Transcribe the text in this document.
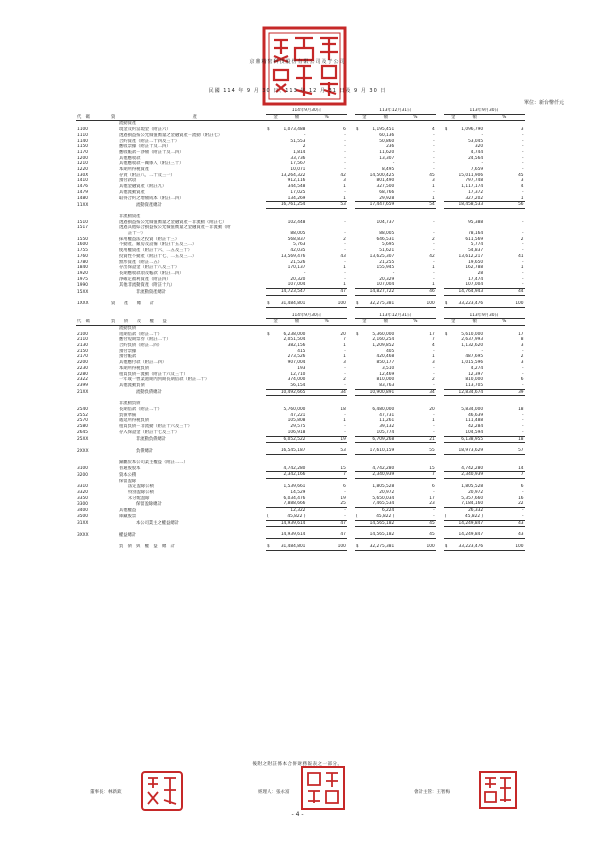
京鼎精密科技股份有限公司及子公司
民國 114 年 9 月 30 日、113 年 12 月 31 日及 9 月 30 日
單位：新台幣仟元
		114年9月30日			113年12月31日			113年9月30日	
代　碼	資　　　　　　　　　　　　　　　　　　產	金　　　　額	%		金　　　　額	%		金　　　　額	%
	流動資產								
1100	現金及約當現金（附註六）	$ 1,073,488	6		$ 1,195,451	4		$ 1,096,790	3
1110	透過損益按公允價值衡量之金融資產－流動（附註七）	-	-		60,136	-		-	-
1140	合約資產（附註二十四及三十）	51,553	-		50,860	-		53,045	-
1150	應收票據（附註十及二四）	2	-		236	-		320	-
1170	應收帳款－淨額（附註十及二四）	1,814	-		11,620	-		4,744	-
1200	其他應收款	33,736	-		13,307	-		24,564	-
1210	其他應收款－關係人（附註三十）	17,567	-		-	-		-	-
1220	本期所得稅資產	10,071	-		8,495	-		7,659	-
130X	存貨（附註八、二十及三一）	13,264,322	42		14,500,425	45		15,011,906	45
1410	預付款項	912,116	3		801,490	3		797,748	3
1476	其他金融資產（附註九）	344,548	1		327,500	1		1,117,174	4
1479	其他流動資產	17,025	-		68,766	-		17,372	-
1480	取得合約之增額成本（附註二四）	134,269	1		29,928	1		327,202	1
11XX	流動資產總計	16,761,254	53		17,447,659	54		18,458,533	56

	非流動資產								
1510	透過損益按公允價值衡量之金融資產－非流動（附註七）	102,448	-		104,737	-		95,388	-
1517	透過其他綜合損益按公允價值衡量之金融資產－非流動（附	

	註十一）	88,005	-		88,005	-		78,164	-
1550	採用權益法之投資（附註十三）	568,837	2		646,531	2		611,569	2
1600	不動產、廠房及設備（附註十五及三二）	5,763	-		5,695	-		5,774	-
1755	使用權資產（附註十六、二五及三十）	42,035	-		51,621	-		54,837	-
1760	投資性不動產（附註十七、二五及三二）	13,569,476	43		13,625,307	42		13,612,217	41
1780	無形資產（附註二五）	21,526	-		21,255	-		19,650	-
1840	存出保證金（附註十八及三十）	170,137	1		155,945	1		162,788	1
1920	長期應收款項及帳款（附註二四）	-	-		-	-		28	-
1975	淨確定福利資產（附註四）	20,320	-		20,329	-		17,474	-
1990	其他非流動資產（附註十九）	107,004	1		107,004	1		107,004	-
15XX	非流動資產總計	14,723,547	47		14,827,722	46		14,764,943	44

1XXX	資　　產　　總　　計	$ 31,484,801	100		$ 32,275,381	100		$ 33,223,476	100

		114年9月30日			113年12月31日			113年9月30日	
代　碼	負　　債　　及　　權　　益	金　　　　額	%		金　　　　額	%		金　　　　額	%
	流動負債								
2100	短期借款（附註二十）	$ 6,238,000	20		$ 5,360,000	17		$ 5,610,000	17
2110	應付短期票券（附註二十）	2,051,504	7		2,160,254	7		2,637,993	8
2130	合約負債（附註二四）	382,156	1		1,209,852	4		1,132,620	3
2150	預付票據	415	-		405	-		-	-
2170	預付帳款	273,526	1		420,468	1		487,695	2
2200	其他應付款（附註二四）	907,004	3		850,177	3		1,015,596	3
2230	本期所得稅負債	193	-		3,510	-		4,274	-
2280	租賃負債－流動（附註十六及三十）	12,710	-		12,469	-		12,397	-
2322	一年或一營業週期內到期長期借款（附註二十）	374,000	2		810,000	2		810,000	6
2399	其他流動負債	56,154	-		83,763	-		113,705	-
21XX	流動負債總計	10,492,665	34		10,900,891	34		12,834,674	39

	非流動負債								
2540	長期借款（附註二十）	5,760,000	18		6,480,000	20		5,834,000	18
2552	負債準備	47,221	-		47,731	-		46,639	-
2570	遞延所得稅負債	105,808	1		11,261	1		111,488	-
2580	租賃負債－非流動（附註十六及三十）	29,575	-		39,132	-		42,284	-
2645	存入保證金（附註十七及三十）	106,918	-		105,774	-		104,594	-
25XX	非流動負債總計	6,052,522	19		6,709,268	21		6,138,955	18

2XXX	負債總計	16,545,187	53		17,610,159	55		18,973,629	57

	歸屬於本公司業主權益（附註二二）								
3100	普通股股本	4,742,280	15		4,742,280	15		4,742,280	14
3200	資本公積	2,342,166	7		2,340,939	7		2,340,939	7
	保留盈餘	

3310	法定盈餘公積	1,539,661	6		1,805,528	6		1,805,528	6
3320	特別盈餘公積	14,529	-		20,972	-		20,972	-
3350	未分配盈餘	6,034,476	19		5,650,034	17		5,357,660	16
3300	保留盈餘總計	7,888,666	25		7,465,534	23		7,184,160	22
3400	其他權益	12,322	-		6,224	-		26,332	-
3500	庫藏股票	( 45,822 )	-		( 45,822 )	-		( 45,822 )	-
31XX	本公司業主之權益總計	14,939,614	47		14,565,182	45		14,249,847	43

3XXX	權益總計	14,939,614	47		14,565,182	45		14,249,847	43

	負　債　與　權　益　總　計	$ 31,484,801	100		$ 32,275,381	100		$ 33,223,476	100
後附之附註係本合併財務報表之一部分。
董事長：林新欽	經理人：張永富	會計主管：王智梅
- 4 -
